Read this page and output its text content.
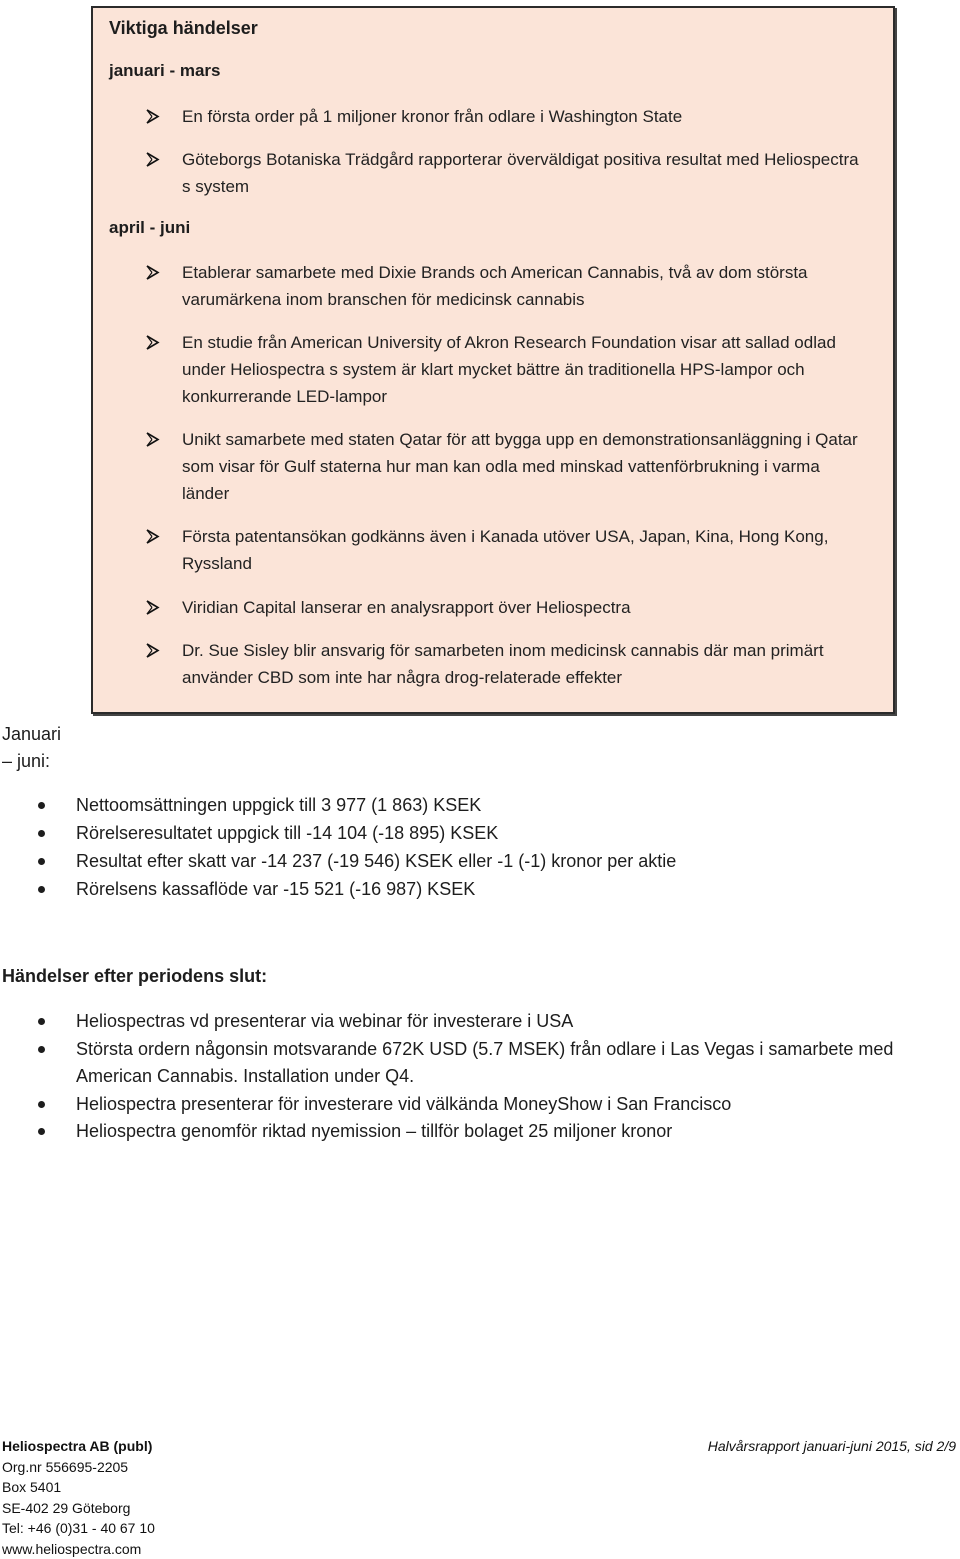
Viktiga händelser
januari - mars
En första order på 1 miljoner kronor från odlare i Washington State
Göteborgs Botaniska Trädgård rapporterar överväldigat positiva resultat med Heliospectra s system
april - juni
Etablerar samarbete med Dixie Brands och American Cannabis, två av dom största varumärkena inom branschen för medicinsk cannabis
En studie från American University of Akron Research Foundation visar att sallad odlad under Heliospectra s system är klart mycket bättre än traditionella HPS-lampor och konkurrerande LED-lampor
Unikt samarbete med staten Qatar för att bygga upp en demonstrationsanläggning i Qatar som visar för Gulf staterna hur man kan odla med minskad vattenförbrukning i varma länder
Första patentansökan godkänns även i Kanada utöver USA, Japan, Kina, Hong Kong, Ryssland
Viridian Capital lanserar en analysrapport över Heliospectra
Dr. Sue Sisley blir ansvarig för samarbeten inom medicinsk cannabis där man primärt använder CBD som inte har några drog-relaterade effekter
Januari
– juni:
Nettoomsättningen uppgick till 3 977 (1 863) KSEK
Rörelseresultatet uppgick till -14 104 (-18 895) KSEK
Resultat efter skatt var -14 237 (-19 546) KSEK eller -1 (-1) kronor per aktie
Rörelsens kassaflöde var -15 521 (-16 987) KSEK
Händelser efter periodens slut:
Heliospectras vd presenterar via webinar för investerare i USA
Största ordern någonsin motsvarande 672K USD (5.7 MSEK) från odlare i Las Vegas i samarbete med American Cannabis. Installation under Q4.
Heliospectra presenterar för investerare vid välkända MoneyShow i San Francisco
Heliospectra genomför riktad nyemission – tillför bolaget 25 miljoner kronor
Heliospectra AB (publ)
Org.nr 556695-2205
Box 5401
SE-402 29 Göteborg
Tel: +46 (0)31 - 40 67 10
www.heliospectra.com
Halvårsrapport januari-juni 2015, sid 2/9
